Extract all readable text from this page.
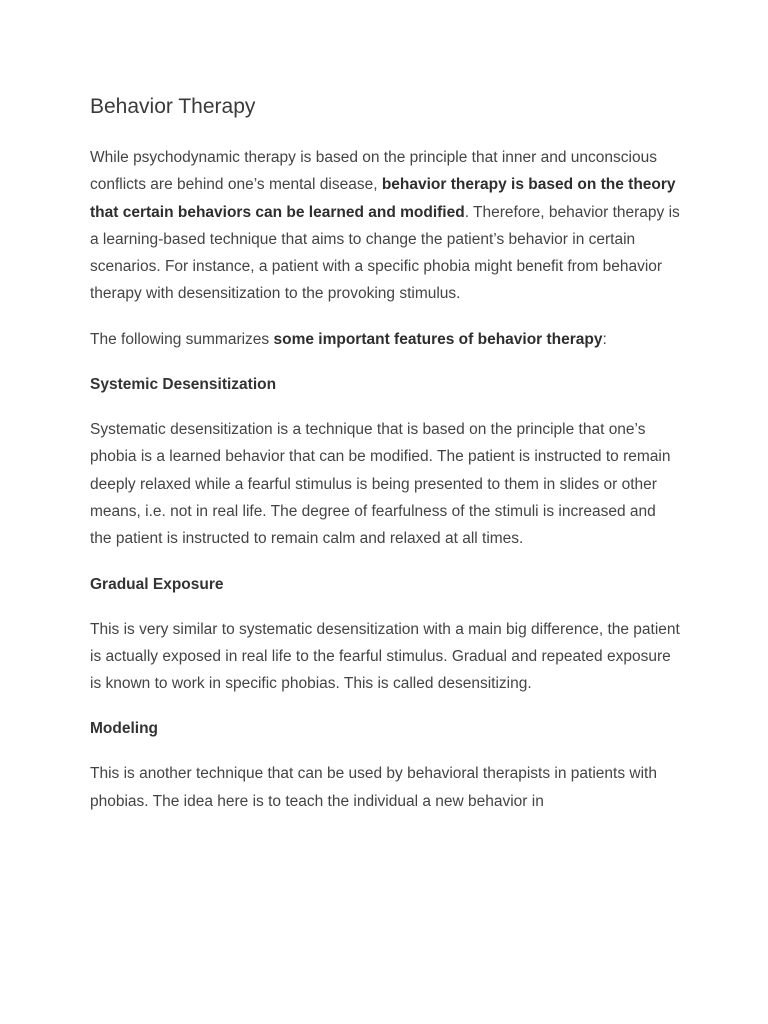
Behavior Therapy

While psychodynamic therapy is based on the principle that inner and unconscious conflicts are behind one’s mental disease, behavior therapy is based on the theory that certain behaviors can be learned and modified. Therefore, behavior therapy is a learning-based technique that aims to change the patient’s behavior in certain scenarios. For instance, a patient with a specific phobia might benefit from behavior therapy with desensitization to the provoking stimulus.

The following summarizes some important features of behavior therapy:

Systemic Desensitization

Systematic desensitization is a technique that is based on the principle that one’s phobia is a learned behavior that can be modified. The patient is instructed to remain deeply relaxed while a fearful stimulus is being presented to them in slides or other means, i.e. not in real life. The degree of fearfulness of the stimuli is increased and the patient is instructed to remain calm and relaxed at all times.

Gradual Exposure

This is very similar to systematic desensitization with a main big difference, the patient is actually exposed in real life to the fearful stimulus. Gradual and repeated exposure is known to work in specific phobias. This is called desensitizing.

Modeling

This is another technique that can be used by behavioral therapists in patients with phobias. The idea here is to teach the individual a new behavior in
